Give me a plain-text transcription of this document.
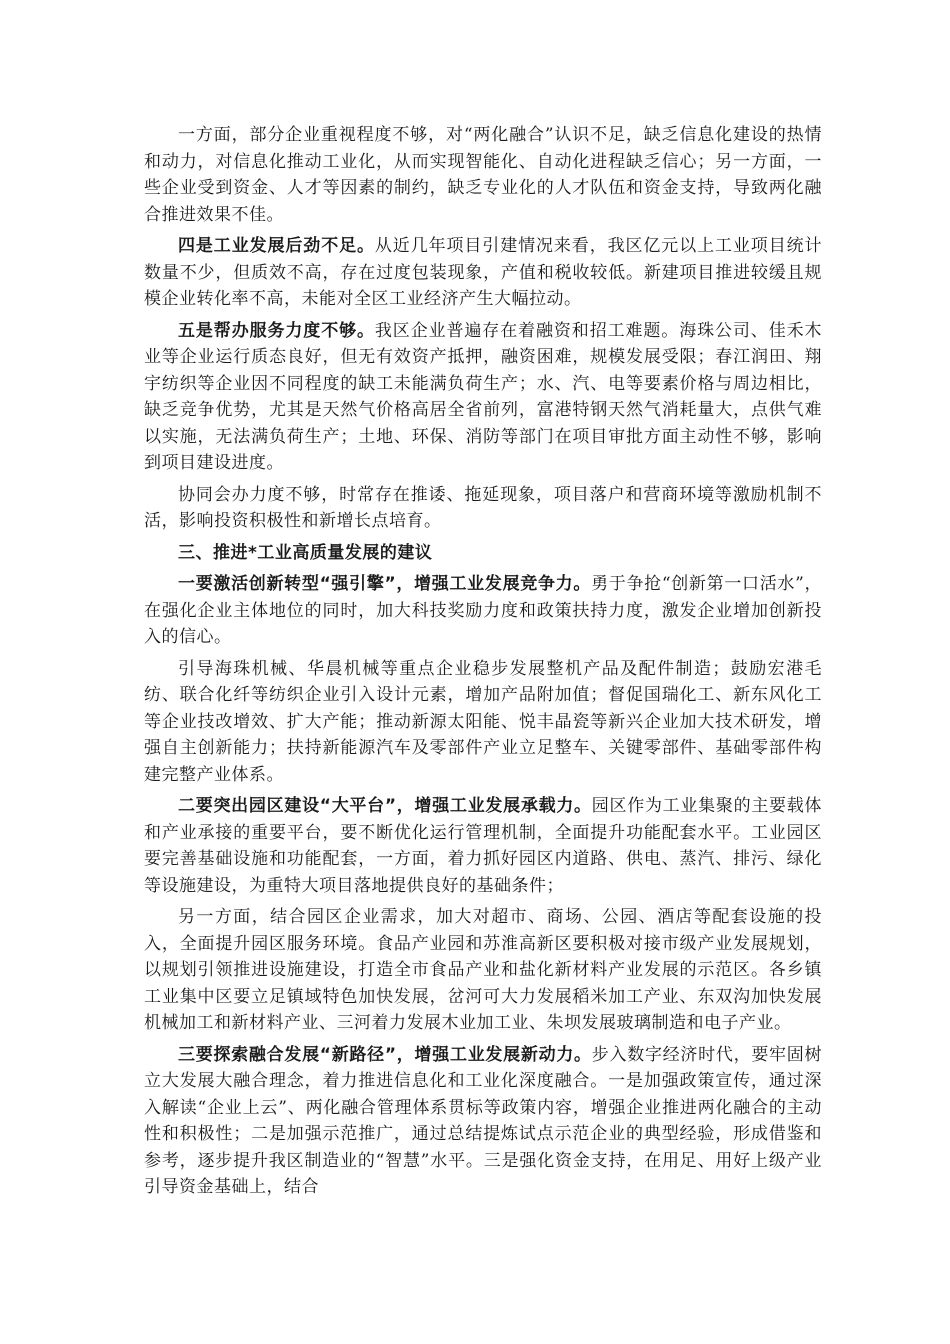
一方面，部分企业重视程度不够，对“两化融合”认识不足，缺乏信息化建设的热情和动力，对信息化推动工业化，从而实现智能化、自动化进程缺乏信心；另一方面，一些企业受到资金、人才等因素的制约，缺乏专业化的人才队伍和资金支持，导致两化融合推进效果不佳。

四是工业发展后劲不足。从近几年项目引建情况来看，我区亿元以上工业项目统计数量不少，但质效不高，存在过度包装现象，产值和税收较低。新建项目推进较缓且规模企业转化率不高，未能对全区工业经济产生大幅拉动。

五是帮办服务力度不够。我区企业普遍存在着融资和招工难题。海珠公司、佳禾木业等企业运行质态良好，但无有效资产抵押，融资困难，规模发展受限；春江润田、翔宇纺织等企业因不同程度的缺工未能满负荷生产；水、汽、电等要素价格与周边相比，缺乏竞争优势，尤其是天然气价格高居全省前列，富港特钢天然气消耗量大，点供气难以实施，无法满负荷生产；土地、环保、消防等部门在项目审批方面主动性不够，影响到项目建设进度。

协同会办力度不够，时常存在推诿、拖延现象，项目落户和营商环境等激励机制不活，影响投资积极性和新增长点培育。

三、推进*工业高质量发展的建议

一要激活创新转型“强引擎”，增强工业发展竞争力。勇于争抢“创新第一口活水”，在强化企业主体地位的同时，加大科技奖励力度和政策扶持力度，激发企业增加创新投入的信心。

引导海珠机械、华晨机械等重点企业稳步发展整机产品及配件制造；鼓励宏港毛纺、联合化纤等纺织企业引入设计元素，增加产品附加值；督促国瑞化工、新东风化工等企业技改增效、扩大产能；推动新源太阳能、悦丰晶瓷等新兴企业加大技术研发，增强自主创新能力；扶持新能源汽车及零部件产业立足整车、关键零部件、基础零部件构建完整产业体系。

二要突出园区建设“大平台”，增强工业发展承载力。园区作为工业集聚的主要载体和产业承接的重要平台，要不断优化运行管理机制，全面提升功能配套水平。工业园区要完善基础设施和功能配套，一方面，着力抓好园区内道路、供电、蒸汽、排污、绿化等设施建设，为重特大项目落地提供良好的基础条件；

另一方面，结合园区企业需求，加大对超市、商场、公园、酒店等配套设施的投入，全面提升园区服务环境。食品产业园和苏淮高新区要积极对接市级产业发展规划，以规划引领推进设施建设，打造全市食品产业和盐化新材料产业发展的示范区。各乡镇工业集中区要立足镇域特色加快发展，岔河可大力发展稻米加工产业、东双沟加快发展机械加工和新材料产业、三河着力发展木业加工业、朱坝发展玻璃制造和电子产业。

三要探索融合发展“新路径”，增强工业发展新动力。步入数字经济时代，要牢固树立大发展大融合理念，着力推进信息化和工业化深度融合。一是加强政策宣传，通过深入解读“企业上云”、两化融合管理体系贯标等政策内容，增强企业推进两化融合的主动性和积极性；二是加强示范推广，通过总结提炼试点示范企业的典型经验，形成借鉴和参考，逐步提升我区制造业的“智慧”水平。三是强化资金支持，在用足、用好上级产业引导资金基础上，结合
